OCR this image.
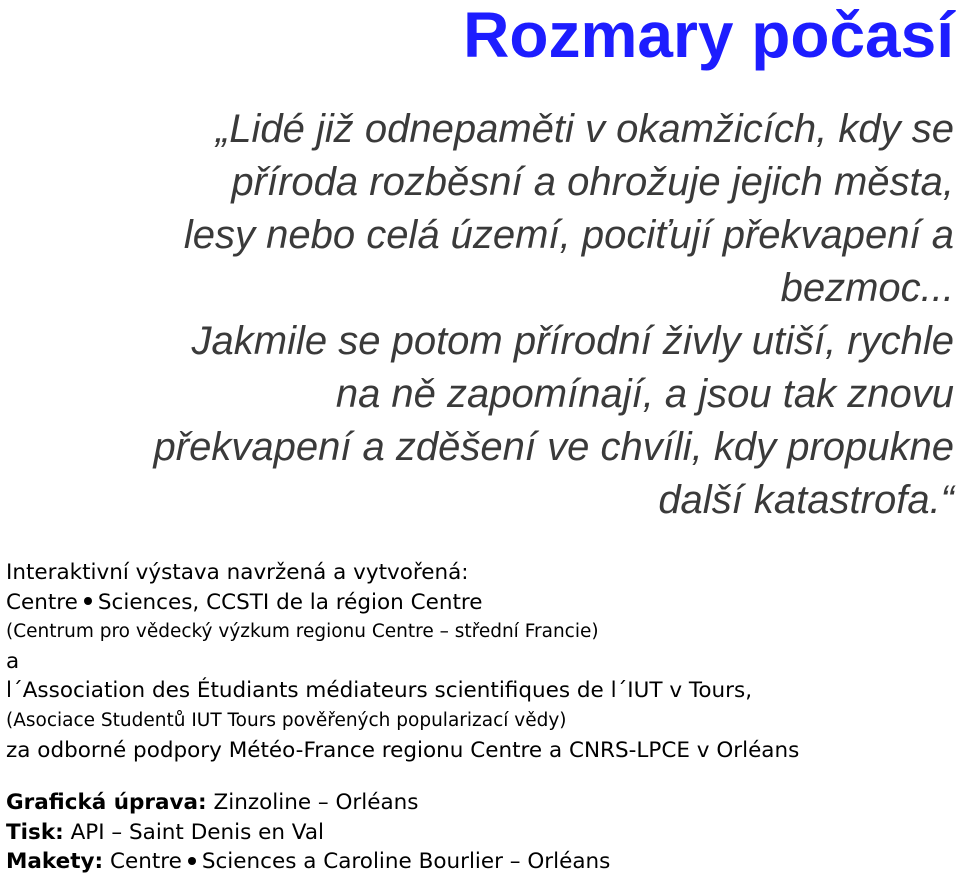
Rozmary počasí

„Lidé již odnepaměti v okamžicích, kdy se
příroda rozběsní a ohrožuje jejich města,
lesy nebo celá území, pociťují překvapení a
bezmoc...
Jakmile se potom přírodní živly utiší, rychle
na ně zapomínají, a jsou tak znovu
překvapení a zděšení ve chvíli, kdy propukne
další katastrofa.“

Interaktivní výstava navržená a vytvořená:
Centre Sciences, CCSTI de la région Centre
(Centrum pro vědecký výzkum regionu Centre – střední Francie)
a
l´Association des Étudiants médiateurs scientifiques de l´IUT v Tours,
(Asociace Studentů IUT Tours pověřených popularizací vědy)
za odborné podpory Météo-France regionu Centre a CNRS-LPCE v Orléans
Grafická úprava: Zinzoline – Orléans
Tisk: API – Saint Denis en Val
Makety: Centre Sciences a Caroline Bourlier – Orléans
